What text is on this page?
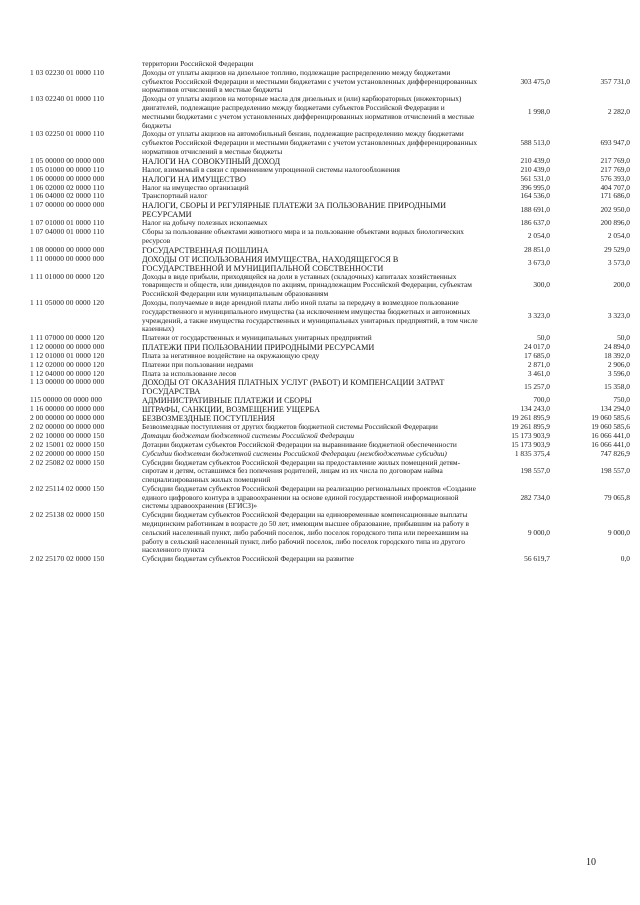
	территории Российской Федерации		
1 03 02230 01 0000 110	Доходы от уплаты акцизов на дизельное топливо, подлежащие распределению между бюджетами субъектов Российской Федерации и местными бюджетами с учетом установленных дифференцированных нормативов отчислений в местные бюджеты	303 475,0	357 731,0
1 03 02240 01 0000 110	Доходы от уплаты акцизов на моторные масла для дизельных и (или) карбюраторных (инжекторных) двигателей, подлежащие распределению между бюджетами субъектов Российской Федерации и местными бюджетами с учетом установленных дифференцированных нормативов отчислений в местные бюджеты	1 998,0	2 282,0
1 03 02250 01 0000 110	Доходы от уплаты акцизов на автомобильный бензин, подлежащие распределению между бюджетами субъектов Российской Федерации и местными бюджетами с учетом установленных дифференцированных нормативов отчислений в местные бюджеты	588 513,0	693 947,0
1 05 00000 00 0000 000	НАЛОГИ НА СОВОКУПНЫЙ ДОХОД	210 439,0	217 769,0
1 05 01000 00 0000 110	Налог, взимаемый в связи с применением упрощенной системы налогообложения	210 439,0	217 769,0
1 06 00000 00 0000 000	НАЛОГИ НА ИМУЩЕСТВО	561 531,0	576 393,0
1 06 02000 02 0000 110	Налог на имущество организаций	396 995,0	404 707,0
1 06 04000 02 0000 110	Транспортный налог	164 536,0	171 686,0
1 07 00000 00 0000 000	НАЛОГИ, СБОРЫ И РЕГУЛЯРНЫЕ ПЛАТЕЖИ ЗА ПОЛЬЗОВАНИЕ ПРИРОДНЫМИ РЕСУРСАМИ	188 691,0	202 950,0
1 07 01000 01 0000 110	Налог на добычу полезных ископаемых	186 637,0	200 896,0
1 07 04000 01 0000 110	Сборы за пользование объектами животного мира и за пользование объектами водных биологических ресурсов	2 054,0	2 054,0
1 08 00000 00 0000 000	ГОСУДАРСТВЕННАЯ ПОШЛИНА	28 851,0	29 529,0
1 11 00000 00 0000 000	ДОХОДЫ ОТ ИСПОЛЬЗОВАНИЯ ИМУЩЕСТВА, НАХОДЯЩЕГОСЯ В ГОСУДАРСТВЕННОЙ И МУНИЦИПАЛЬНОЙ СОБСТВЕННОСТИ	3 673,0	3 573,0
1 11 01000 00 0000 120	Доходы в виде прибыли, приходящейся на доли в уставных (складочных) капиталах хозяйственных товариществ и обществ, или дивидендов по акциям, принадлежащим Российской Федерации, субъектам Российской Федерации или муниципальным образованиям	300,0	200,0
1 11 05000 00 0000 120	Доходы, получаемые в виде арендной платы либо иной платы за передачу в возмездное пользование государственного и муниципального имущества (за исключением имущества бюджетных и автономных учреждений, а также имущества государственных и муниципальных унитарных предприятий, в том числе казенных)	3 323,0	3 323,0
1 11 07000 00 0000 120	Платежи от государственных и муниципальных унитарных предприятий	50,0	50,0
1 12 00000 00 0000 000	ПЛАТЕЖИ ПРИ ПОЛЬЗОВАНИИ ПРИРОДНЫМИ РЕСУРСАМИ	24 017,0	24 894,0
1 12 01000 01 0000 120	Плата за негативное воздействие на окружающую среду	17 685,0	18 392,0
1 12 02000 00 0000 120	Платежи при пользовании недрами	2 871,0	2 906,0
1 12 04000 00 0000 120	Плата за использование лесов	3 461,0	3 596,0
1 13 00000 00 0000 000	ДОХОДЫ ОТ ОКАЗАНИЯ ПЛАТНЫХ УСЛУГ (РАБОТ) И КОМПЕНСАЦИИ ЗАТРАТ ГОСУДАРСТВА	15 257,0	15 358,0
115 00000 00 0000 000	АДМИНИСТРАТИВНЫЕ ПЛАТЕЖИ И СБОРЫ	700,0	750,0
1 16 00000 00 0000 000	ШТРАФЫ, САНКЦИИ, ВОЗМЕЩЕНИЕ УЩЕРБА	134 243,0	134 294,0
2 00 00000 00 0000 000	БЕЗВОЗМЕЗДНЫЕ ПОСТУПЛЕНИЯ	19 261 895,9	19 060 585,6
2 02 00000 00 0000 000	Безвозмездные поступления от других бюджетов бюджетной системы Российской Федерации	19 261 895,9	19 060 585,6
2 02 10000 00 0000 150	Дотации бюджетам бюджетной системы Российской Федерации	15 173 903,9	16 066 441,0
2 02 15001 02 0000 150	Дотации бюджетам субъектов Российской Федерации на выравнивание бюджетной обеспеченности	15 173 903,9	16 066 441,0
2 02 20000 00 0000 150	Субсидии бюджетам бюджетной системы Российской Федерации (межбюджетные субсидии)	1 835 375,4	747 826,9
2 02 25082 02 0000 150	Субсидии бюджетам субъектов Российской Федерации на предоставление жилых помещений детям-сиротам и детям, оставшимся без попечения родителей, лицам из их числа по договорам найма специализированных жилых помещений	198 557,0	198 557,0
2 02 25114 02 0000 150	Субсидии бюджетам субъектов Российской Федерации на реализацию региональных проектов «Создание единого цифрового контура в здравоохранении на основе единой государственной информационной системы здравоохранения (ЕГИСЗ)»	282 734,0	79 065,8
2 02 25138 02 0000 150	Субсидии бюджетам субъектов Российской Федерации на единовременные компенсационные выплаты медицинским работникам в возрасте до 50 лет, имеющим высшее образование, прибывшим на работу в сельский населенный пункт, либо рабочий поселок, либо поселок городского типа или переехавшим на работу в сельский населенный пункт, либо рабочий поселок, либо поселок городского типа из другого населенного пункта	9 000,0	9 000,0
2 02 25170 02 0000 150	Субсидии бюджетам субъектов Российской Федерации на развитие	56 619,7	0,0
10
